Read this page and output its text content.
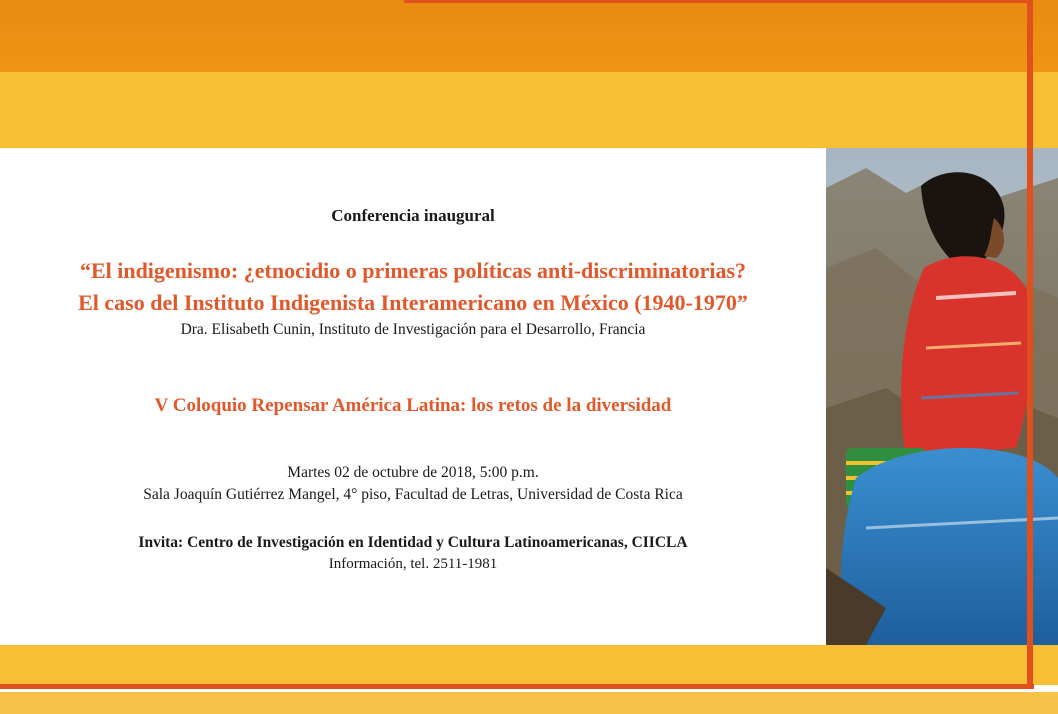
Conferencia inaugural
“El indigenismo: ¿etnocidio o primeras políticas anti-discriminatorias?
El caso del Instituto Indigenista Interamericano en México (1940-1970”
Dra. Elisabeth Cunin, Instituto de Investigación para el Desarrollo, Francia
V Coloquio Repensar América Latina: los retos de la diversidad
Martes 02 de octubre de 2018, 5:00 p.m.
Sala Joaquín Gutiérrez Mangel, 4° piso, Facultad de Letras, Universidad de Costa Rica
Invita: Centro de Investigación en Identidad y Cultura Latinoamericanas, CIICLA
Información, tel. 2511-1981
